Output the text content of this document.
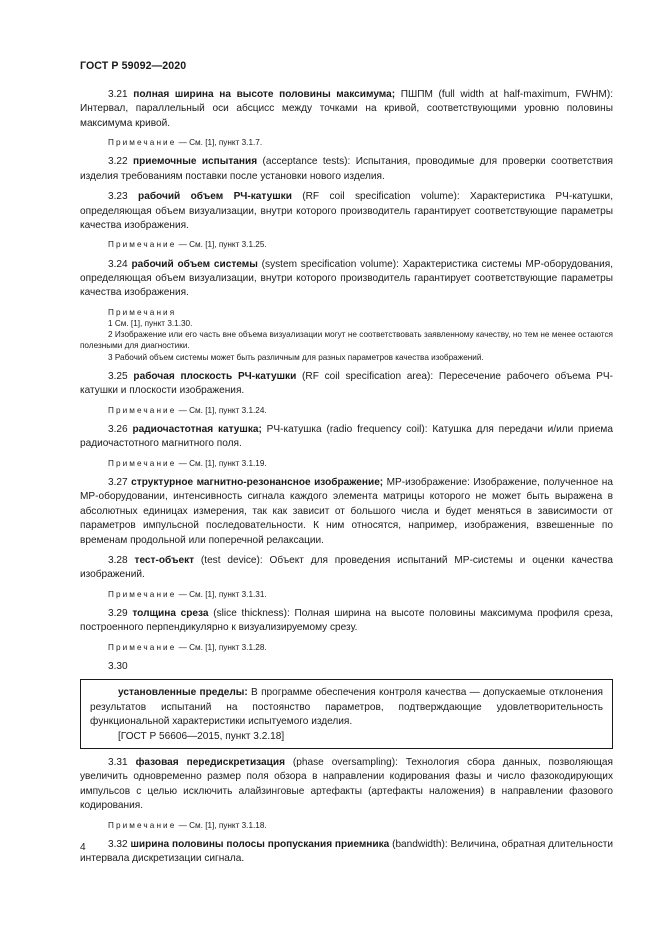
ГОСТ Р 59092—2020

3.21 полная ширина на высоте половины максимума; ПШПМ (full width at half-maximum, FWHM): Интервал, параллельный оси абсцисс между точками на кривой, соответствующими уровню половины максимума кривой.

Примечание — См. [1], пункт 3.1.7.

3.22 приемочные испытания (acceptance tests): Испытания, проводимые для проверки соответствия изделия требованиям поставки после установки нового изделия.

3.23 рабочий объем РЧ-катушки (RF coil specification volume): Характеристика РЧ-катушки, определяющая объем визуализации, внутри которого производитель гарантирует соответствующие параметры качества изображения.

Примечание — См. [1], пункт 3.1.25.

3.24 рабочий объем системы (system specification volume): Характеристика системы МР-оборудования, определяющая объем визуализации, внутри которого производитель гарантирует соответствующие параметры качества изображения.

Примечания
1 См. [1], пункт 3.1.30.
2 Изображение или его часть вне объема визуализации могут не соответствовать заявленному качеству, но тем не менее остаются полезными для диагностики.
3 Рабочий объем системы может быть различным для разных параметров качества изображений.

3.25 рабочая плоскость РЧ-катушки (RF coil specification area): Пересечение рабочего объема РЧ-катушки и плоскости изображения.

Примечание — См. [1], пункт 3.1.24.

3.26 радиочастотная катушка; РЧ-катушка (radio frequency coil): Катушка для передачи и/или приема радиочастотного магнитного поля.

Примечание — См. [1], пункт 3.1.19.

3.27 структурное магнитно-резонансное изображение; МР-изображение: Изображение, полученное на МР-оборудовании, интенсивность сигнала каждого элемента матрицы которого не может быть выражена в абсолютных единицах измерения, так как зависит от большого числа и будет меняться в зависимости от параметров импульсной последовательности. К ним относятся, например, изображения, взвешенные по временам продольной или поперечной релаксации.

3.28 тест-объект (test device): Объект для проведения испытаний МР-системы и оценки качества изображений.

Примечание — См. [1], пункт 3.1.31.

3.29 толщина среза (slice thickness): Полная ширина на высоте половины максимума профиля среза, построенного перпендикулярно к визуализируемому срезу.

Примечание — См. [1], пункт 3.1.28.

3.30

установленные пределы: В программе обеспечения контроля качества — допускаемые отклонения результатов испытаний на постоянство параметров, подтверждающие удовлетворительность функциональной характеристики испытуемого изделия.

[ГОСТ Р 56606—2015, пункт 3.2.18]

3.31 фазовая передискретизация (phase oversampling): Технология сбора данных, позволяющая увеличить одновременно размер поля обзора в направлении кодирования фазы и число фазокодирующих импульсов с целью исключить алайзинговые артефакты (артефакты наложения) в направлении фазового кодирования.

Примечание — См. [1], пункт 3.1.18.

3.32 ширина половины полосы пропускания приемника (bandwidth): Величина, обратная длительности интервала дискретизации сигнала.

4
